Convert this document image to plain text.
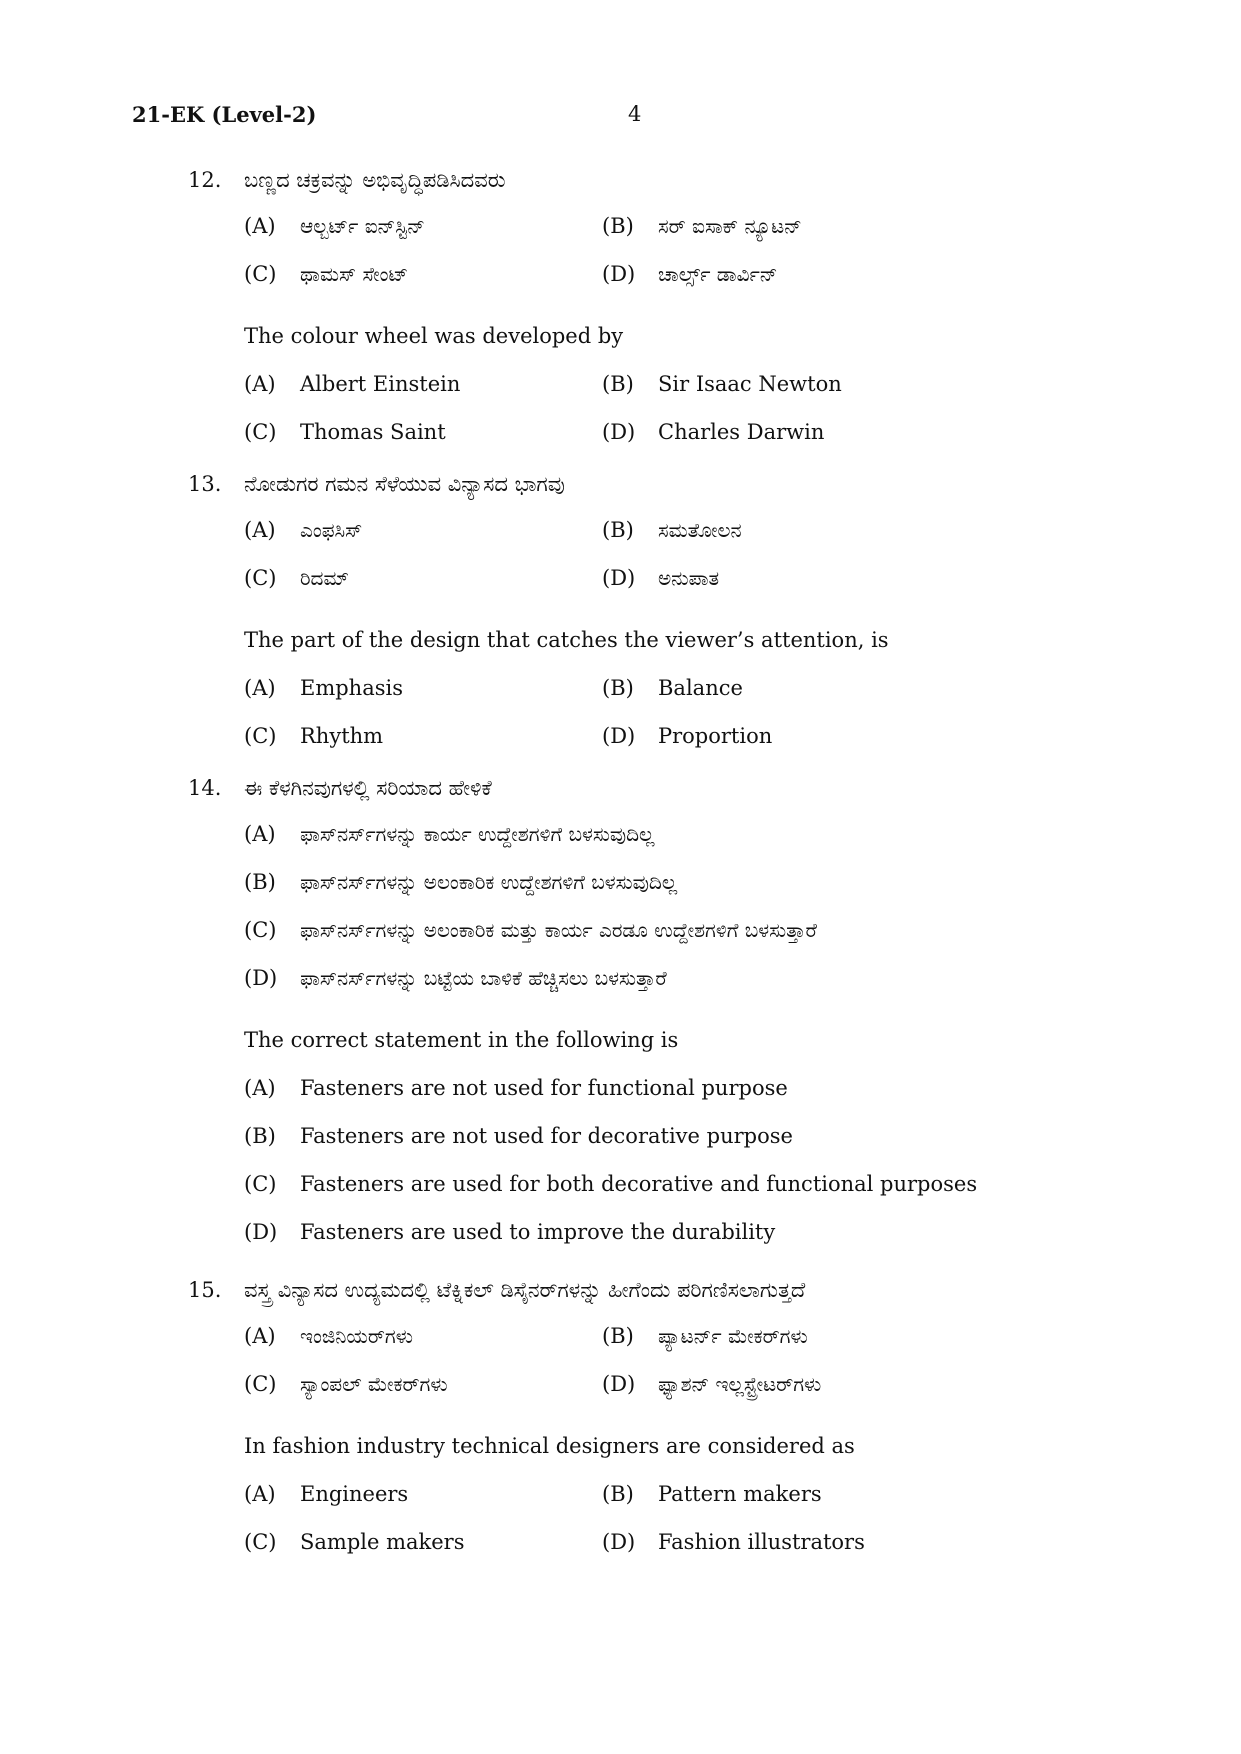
21-EK (Level-2)	4
12.	ಬಣ್ಣದ ಚಕ್ರವನ್ನು ಅಭಿವೃದ್ಧಿಪಡಿಸಿದವರು
(A)	ಆಲ್ಬರ್ಟ್ ಐನ್‌ಸ್ಟಿನ್	(B)	ಸರ್ ಐಸಾಕ್ ನ್ಯೂಟನ್
(C)	ಥಾಮಸ್ ಸೇಂಟ್	(D)	ಚಾರ್ಲ್ಸ್ ಡಾರ್ವಿನ್
The colour wheel was developed by
(A)	Albert Einstein	(B)	Sir Isaac Newton
(C)	Thomas Saint	(D)	Charles Darwin
13.	ನೋಡುಗರ ಗಮನ ಸೆಳೆಯುವ ವಿನ್ಯಾಸದ ಭಾಗವು
(A)	ಎಂಫಸಿಸ್	(B)	ಸಮತೋಲನ
(C)	ರಿದಮ್	(D)	ಅನುಪಾತ
The part of the design that catches the viewer’s attention, is
(A)	Emphasis	(B)	Balance
(C)	Rhythm	(D)	Proportion
14.	ಈ ಕೆಳಗಿನವುಗಳಲ್ಲಿ ಸರಿಯಾದ ಹೇಳಿಕೆ
(A)	ಫಾಸ್‌ನರ್ಸ್‌ಗಳನ್ನು ಕಾರ್ಯ ಉದ್ದೇಶಗಳಿಗೆ ಬಳಸುವುದಿಲ್ಲ
(B)	ಫಾಸ್‌ನರ್ಸ್‌ಗಳನ್ನು ಅಲಂಕಾರಿಕ ಉದ್ದೇಶಗಳಿಗೆ ಬಳಸುವುದಿಲ್ಲ
(C)	ಫಾಸ್‌ನರ್ಸ್‌ಗಳನ್ನು ಅಲಂಕಾರಿಕ ಮತ್ತು ಕಾರ್ಯ ಎರಡೂ ಉದ್ದೇಶಗಳಿಗೆ ಬಳಸುತ್ತಾರೆ
(D)	ಫಾಸ್‌ನರ್ಸ್‌ಗಳನ್ನು ಬಟ್ಟೆಯ ಬಾಳಿಕೆ ಹೆಚ್ಚಿಸಲು ಬಳಸುತ್ತಾರೆ
The correct statement in the following is
(A)	Fasteners are not used for functional purpose
(B)	Fasteners are not used for decorative purpose
(C)	Fasteners are used for both decorative and functional purposes
(D)	Fasteners are used to improve the durability
15.	ವಸ್ತ್ರ ವಿನ್ಯಾಸದ ಉದ್ಯಮದಲ್ಲಿ ಟೆಕ್ನಿಕಲ್ ಡಿಸೈನರ್‌ಗಳನ್ನು ಹೀಗೆಂದು ಪರಿಗಣಿಸಲಾಗುತ್ತದೆ
(A)	ಇಂಜಿನಿಯರ್‌ಗಳು	(B)	ಪ್ಯಾಟರ್ನ್ ಮೇಕರ್‌ಗಳು
(C)	ಸ್ಯಾಂಪಲ್ ಮೇಕರ್‌ಗಳು	(D)	ಫ್ಯಾಶನ್ ಇಲ್ಲಸ್ಟ್ರೇಟರ್‌ಗಳು
In fashion industry technical designers are considered as
(A)	Engineers	(B)	Pattern makers
(C)	Sample makers	(D)	Fashion illustrators
